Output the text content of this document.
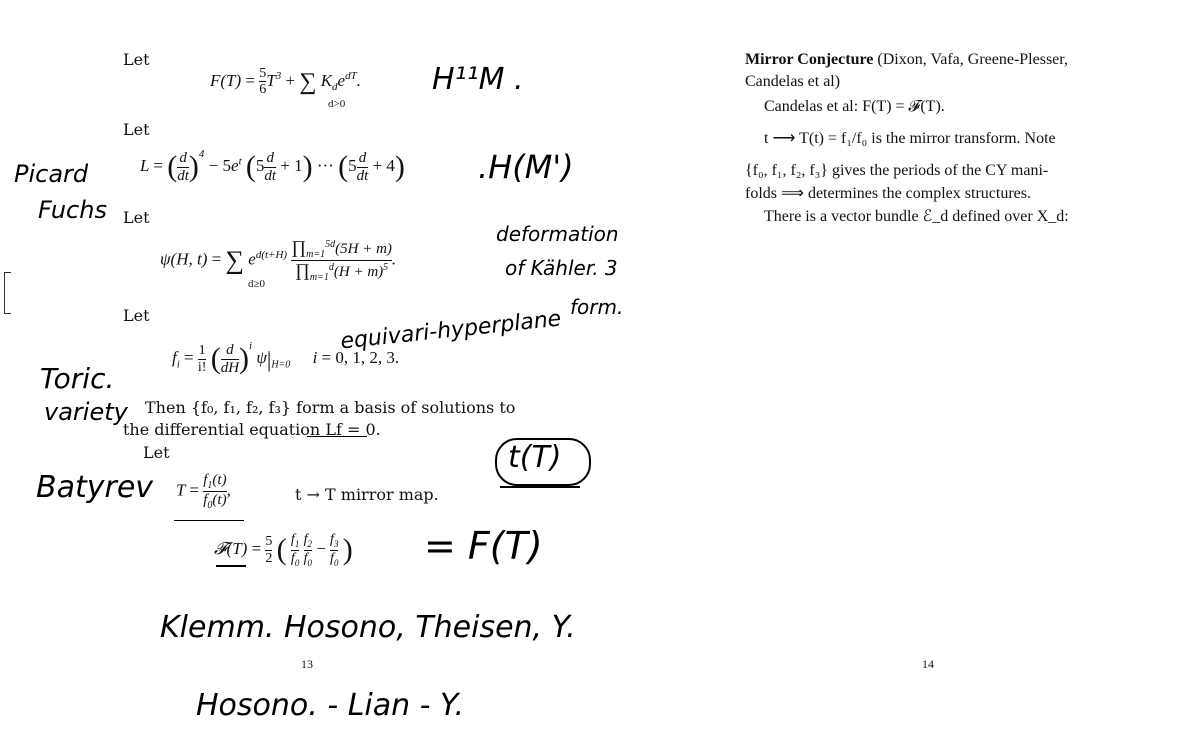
Let
$F(T) = \frac{5}{6} T^3$ + ∑ $K_de^{dT}$.
d>0
Let
L = ( $\frac{d}{dt} )^4 - 5e^t$ $(5 \frac{d}{dt} + 1)$ ··· $(5 \frac{d}{dt} + 4)$
Let
ψ(H, t) = ∑ $e^{d(t+H)} \frac{\prod_{m=1}^{5d}(5H + m)}{\prod_{m=1}^d(H + m)^5}$ .
d≥0
Let
$f_i = \frac{1}{i!}$ ( $\frac{d}{dH} )^i$ $\psi|_{H=0}$ i = 0, 1, 2, 3.
Then {f₀, f₁, f₂, f₃} form a basis of solutions to
the differential equation Lf = 0.
Let
$T = \frac{f_1(t)}{f_0(t)}$ ,	t → T mirror map.
𝓕(T) = $\frac{5}{2}$ ( $\frac{f_1}{f_0}$
$\frac{f_2}{f_0} - \frac{f_3}{f_0}$ )
13
H¹¹M .
.H(M')
Picard
Fuchs
deformation
of Kähler. 3
form.
equivari-hyperplane
Toric.
variety
Batyrev
t(T)
= F(T)
Klemm. Hosono, Theisen, Y.
Hosono. - Lian - Y.
Mirror Conjecture (Dixon, Vafa, Greene-Plesser,
Candelas et al)
Candelas et al: F(T) = 𝓕(T).
t ⟶ T(t) = f₁/f₀ is the mirror transform. Note
{f₀, f₁, f₂, f₃} gives the periods of the CY mani-
folds ⟹ determines the complex structures.
There is a vector bundle ℰ_d defined over X_d:
14
